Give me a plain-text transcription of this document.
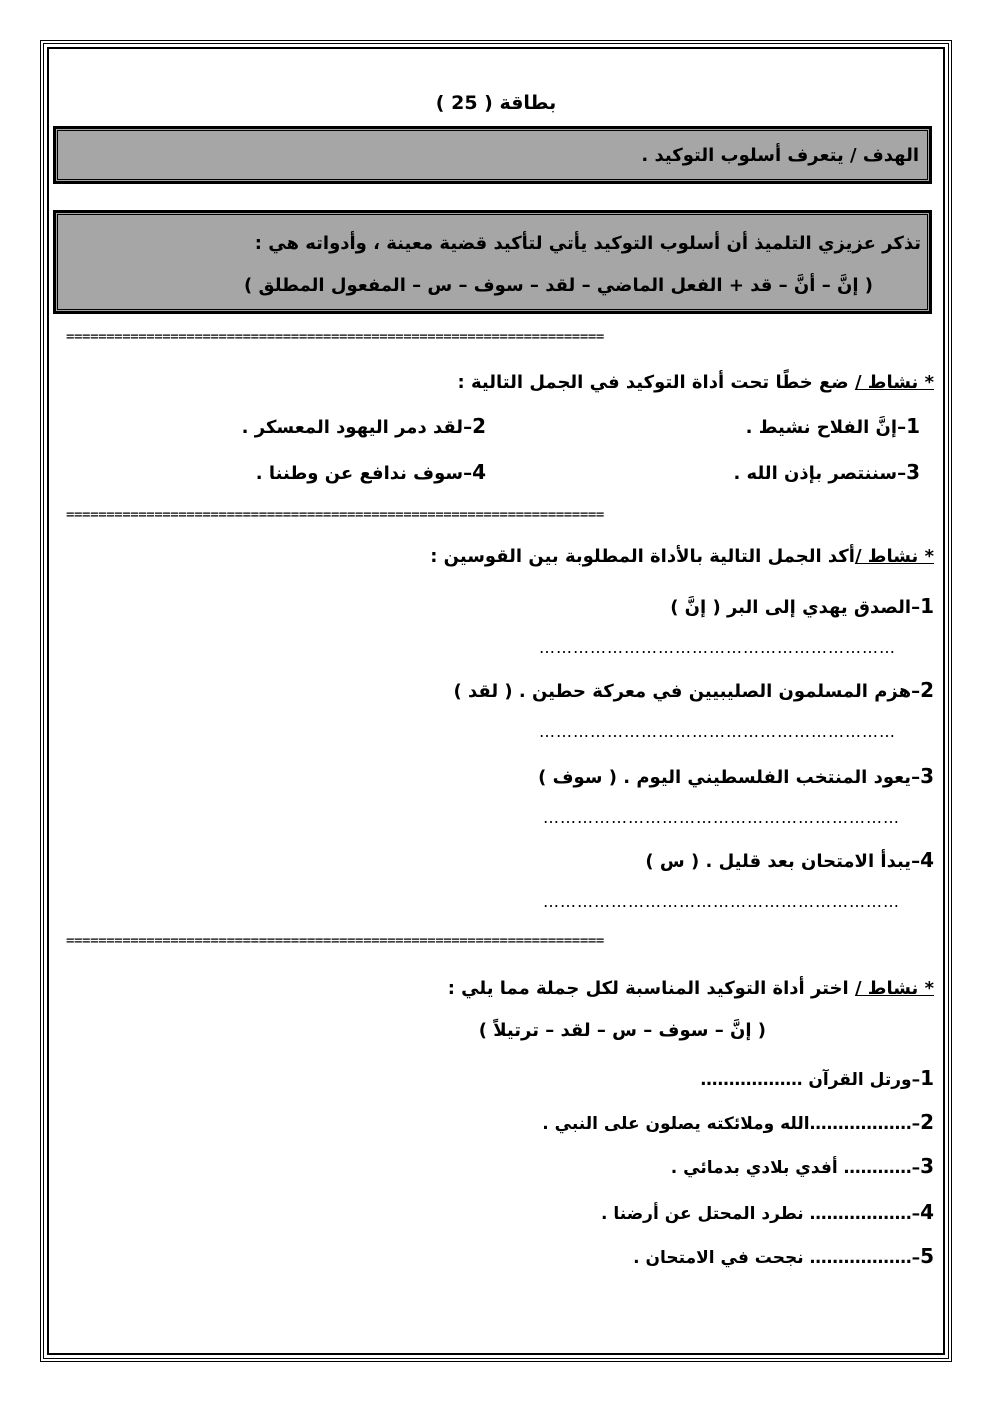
بطاقة ( 25 )
الهدف / يتعرف أسلوب التوكيد .
تذكر عزيزي التلميذ أن أسلوب التوكيد يأتي لتأكيد قضية معينة ، وأدواته هي :
( إنَّ – أنَّ – قد + الفعل الماضي – لقد – سوف – س – المفعول المطلق )
===================================================================
* نشاط / ضع خطًا تحت أداة التوكيد في الجمل التالية :
1–إنَّ الفلاح نشيط .
2–لقد دمر اليهود المعسكر .
3–سننتصر بإذن الله .
4–سوف ندافع عن وطننا .
===================================================================
* نشاط /أكد الجمل التالية بالأداة المطلوبة بين القوسين :
1–الصدق يهدي إلى البر ( إنَّ )
………………………………………………………
2–هزم المسلمون الصليبيين في معركة حطين . ( لقد )
………………………………………………………
3–يعود المنتخب الفلسطيني اليوم . ( سوف )
………………………………………………………
4–يبدأ الامتحان بعد قليل . ( س )
………………………………………………………
===================================================================
* نشاط / اختر أداة التوكيد المناسبة لكل جملة مما يلي :
( إنَّ – سوف – س – لقد – ترتيلاً )
1–ورتل القرآن ………………
2–………………الله وملائكته يصلون على النبي .
3–………… أفدي بلادي بدمائي .
4–……………… نطرد المحتل عن أرضنا .
5–……………… نجحت في الامتحان .
